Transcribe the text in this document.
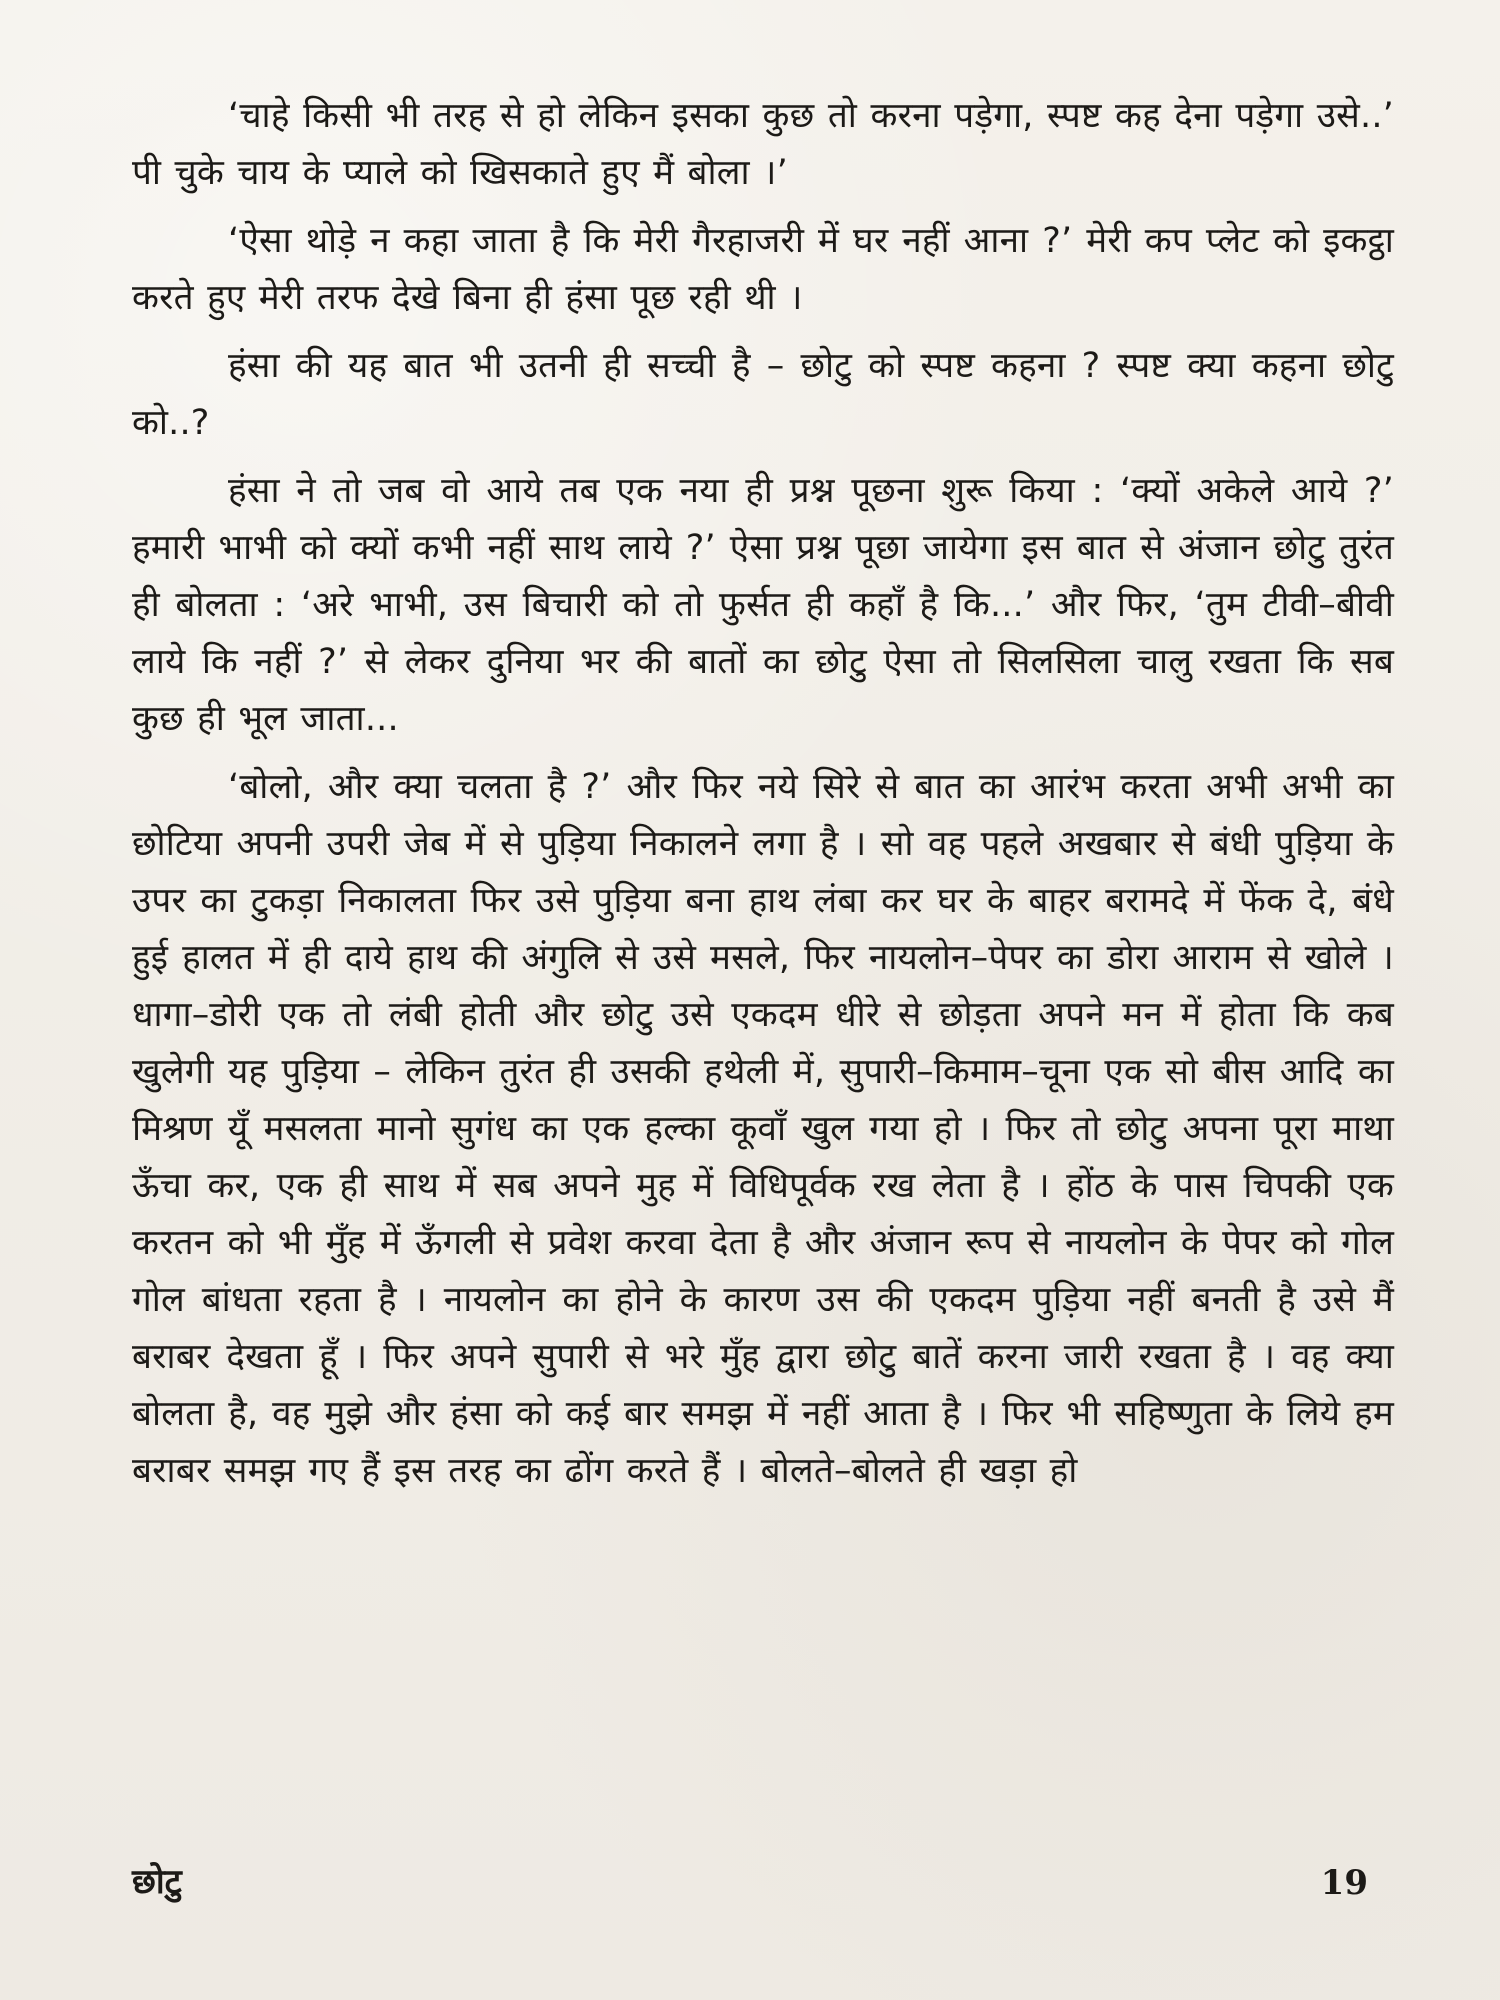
‘चाहे किसी भी तरह से हो लेकिन इसका कुछ तो करना पड़ेगा, स्पष्ट कह देना पड़ेगा उसे..’ पी चुके चाय के प्याले को खिसकाते हुए मैं बोला ।’

‘ऐसा थोड़े न कहा जाता है कि मेरी गैरहाजरी में घर नहीं आना ?’ मेरी कप प्लेट को इकट्ठा करते हुए मेरी तरफ देखे बिना ही हंसा पूछ रही थी ।

हंसा की यह बात भी उतनी ही सच्ची है – छोटु को स्पष्ट कहना ? स्पष्ट क्या कहना छोटु को..?

हंसा ने तो जब वो आये तब एक नया ही प्रश्न पूछना शुरू किया : ‘क्यों अकेले आये ?’ हमारी भाभी को क्यों कभी नहीं साथ लाये ?’ ऐसा प्रश्न पूछा जायेगा इस बात से अंजान छोटु तुरंत ही बोलता : ‘अरे भाभी, उस बिचारी को तो फुर्सत ही कहाँ है कि...’ और फिर, ‘तुम टीवी–बीवी लाये कि नहीं ?’ से लेकर दुनिया भर की बातों का छोटु ऐसा तो सिलसिला चालु रखता कि सब कुछ ही भूल जाता...

‘बोलो, और क्या चलता है ?’ और फिर नये सिरे से बात का आरंभ करता अभी अभी का छोटिया अपनी उपरी जेब में से पुड़िया निकालने लगा है । सो वह पहले अखबार से बंधी पुड़िया के उपर का टुकड़ा निकालता फिर उसे पुड़िया बना हाथ लंबा कर घर के बाहर बरामदे में फेंक दे, बंधे हुई हालत में ही दाये हाथ की अंगुलि से उसे मसले, फिर नायलोन–पेपर का डोरा आराम से खोले । धागा–डोरी एक तो लंबी होती और छोटु उसे एकदम धीरे से छोड़ता अपने मन में होता कि कब खुलेगी यह पुड़िया – लेकिन तुरंत ही उसकी हथेली में, सुपारी–किमाम–चूना एक सो बीस आदि का मिश्रण यूँ मसलता मानो सुगंध का एक हल्का कूवाँ खुल गया हो । फिर तो छोटु अपना पूरा माथा ऊँचा कर, एक ही साथ में सब अपने मुह में विधिपूर्वक रख लेता है । होंठ के पास चिपकी एक करतन को भी मुँह में ऊँगली से प्रवेश करवा देता है और अंजान रूप से नायलोन के पेपर को गोल गोल बांधता रहता है । नायलोन का होने के कारण उस की एकदम पुड़िया नहीं बनती है उसे मैं बराबर देखता हूँ । फिर अपने सुपारी से भरे मुँह द्वारा छोटु बातें करना जारी रखता है । वह क्या बोलता है, वह मुझे और हंसा को कई बार समझ में नहीं आता है । फिर भी सहिष्णुता के लिये हम बराबर समझ गए हैं इस तरह का ढोंग करते हैं । बोलते–बोलते ही खड़ा हो

छोटु	19
